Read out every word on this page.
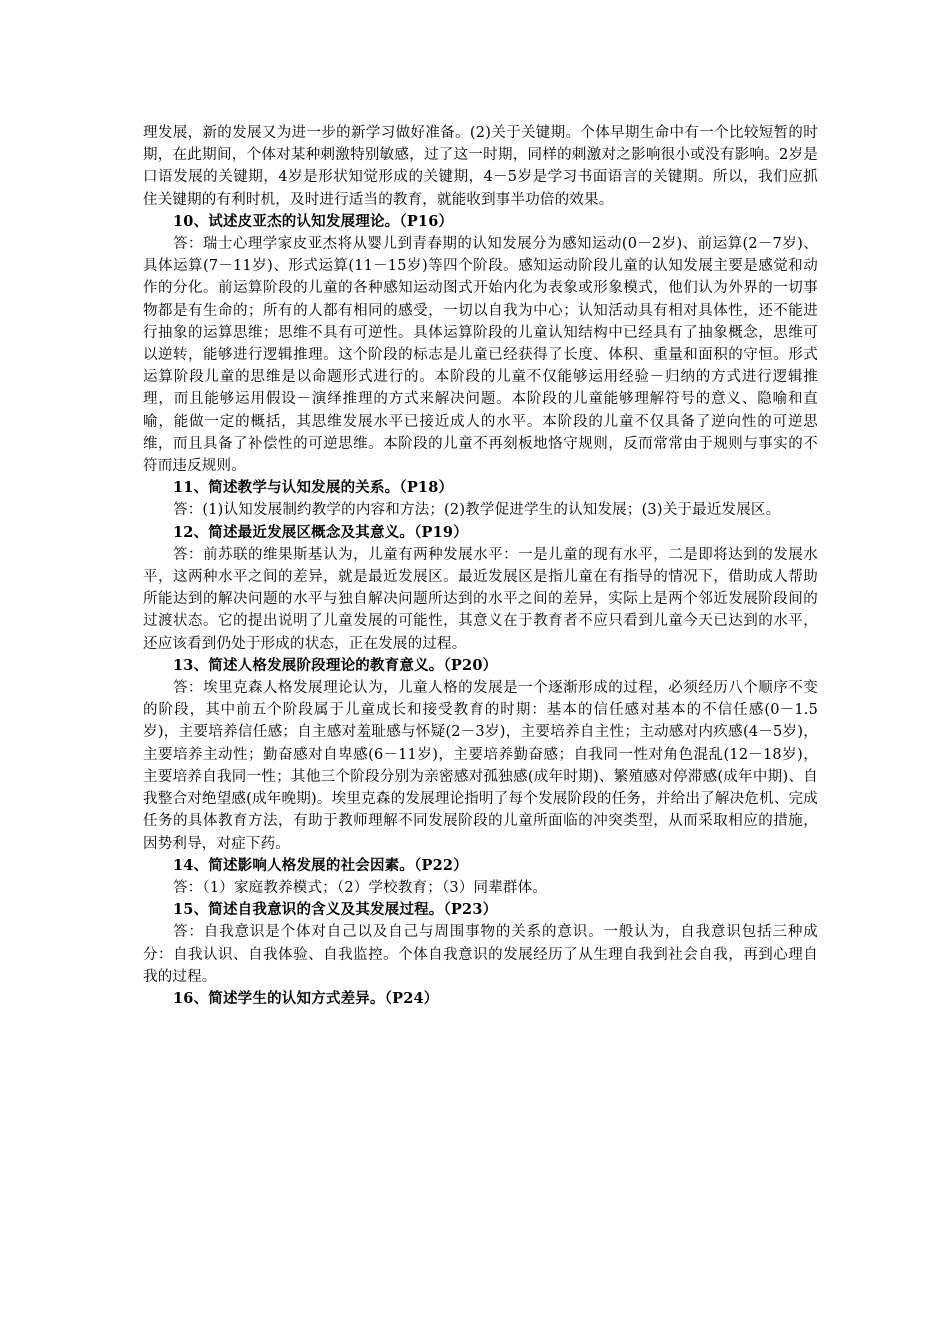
理发展，新的发展又为进一步的新学习做好准备。(2)关于关键期。个体早期生命中有一个比较短暂的时期，在此期间，个体对某种刺激特别敏感，过了这一时期，同样的刺激对之影响很小或没有影响。2岁是口语发展的关键期，4岁是形状知觉形成的关键期，4－5岁是学习书面语言的关键期。所以，我们应抓住关键期的有利时机，及时进行适当的教育，就能收到事半功倍的效果。

10、试述皮亚杰的认知发展理论。（P16）

答：瑞士心理学家皮亚杰将从婴儿到青春期的认知发展分为感知运动(0－2岁)、前运算(2－7岁)、具体运算(7－11岁)、形式运算(11－15岁)等四个阶段。感知运动阶段儿童的认知发展主要是感觉和动作的分化。前运算阶段的儿童的各种感知运动图式开始内化为表象或形象模式，他们认为外界的一切事物都是有生命的；所有的人都有相同的感受，一切以自我为中心；认知活动具有相对具体性，还不能进行抽象的运算思维；思维不具有可逆性。具体运算阶段的儿童认知结构中已经具有了抽象概念，思维可以逆转，能够进行逻辑推理。这个阶段的标志是儿童已经获得了长度、体积、重量和面积的守恒。形式运算阶段儿童的思维是以命题形式进行的。本阶段的儿童不仅能够运用经验－归纳的方式进行逻辑推理，而且能够运用假设－演绎推理的方式来解决问题。本阶段的儿童能够理解符号的意义、隐喻和直喻，能做一定的概括，其思维发展水平已接近成人的水平。本阶段的儿童不仅具备了逆向性的可逆思维，而且具备了补偿性的可逆思维。本阶段的儿童不再刻板地恪守规则，反而常常由于规则与事实的不符而违反规则。

11、简述教学与认知发展的关系。（P18）

答：(1)认知发展制约教学的内容和方法；(2)教学促进学生的认知发展；(3)关于最近发展区。

12、简述最近发展区概念及其意义。（P19）

答：前苏联的维果斯基认为，儿童有两种发展水平：一是儿童的现有水平，二是即将达到的发展水平，这两种水平之间的差异，就是最近发展区。最近发展区是指儿童在有指导的情况下，借助成人帮助所能达到的解决问题的水平与独自解决问题所达到的水平之间的差异，实际上是两个邻近发展阶段间的过渡状态。它的提出说明了儿童发展的可能性，其意义在于教育者不应只看到儿童今天已达到的水平，还应该看到仍处于形成的状态，正在发展的过程。

13、简述人格发展阶段理论的教育意义。（P20）

答：埃里克森人格发展理论认为，儿童人格的发展是一个逐渐形成的过程，必须经历八个顺序不变的阶段，其中前五个阶段属于儿童成长和接受教育的时期：基本的信任感对基本的不信任感(0－1.5岁)，主要培养信任感；自主感对羞耻感与怀疑(2－3岁)，主要培养自主性；主动感对内疚感(4－5岁)，主要培养主动性；勤奋感对自卑感(6－11岁)，主要培养勤奋感；自我同一性对角色混乱(12－18岁)，主要培养自我同一性；其他三个阶段分别为亲密感对孤独感(成年时期)、繁殖感对停滞感(成年中期)、自我整合对绝望感(成年晚期)。埃里克森的发展理论指明了每个发展阶段的任务，并给出了解决危机、完成任务的具体教育方法，有助于教师理解不同发展阶段的儿童所面临的冲突类型，从而采取相应的措施，因势利导，对症下药。

14、简述影响人格发展的社会因素。（P22）

答：（1）家庭教养模式；（2）学校教育；（3）同辈群体。

15、简述自我意识的含义及其发展过程。（P23）

答：自我意识是个体对自己以及自己与周围事物的关系的意识。一般认为，自我意识包括三种成分：自我认识、自我体验、自我监控。个体自我意识的发展经历了从生理自我到社会自我，再到心理自我的过程。

16、简述学生的认知方式差异。（P24）
